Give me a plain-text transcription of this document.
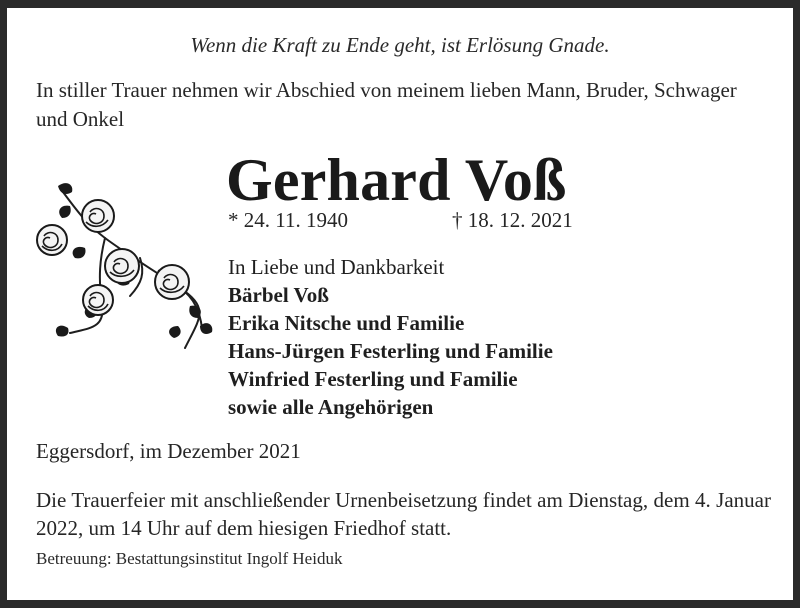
Wenn die Kraft zu Ende geht, ist Erlösung Gnade.
In stiller Trauer nehmen wir Abschied von meinem lieben Mann, Bruder, Schwager und Onkel
Gerhard Voß
* 24. 11. 1940	† 18. 12. 2021
In Liebe und Dankbarkeit
Bärbel Voß
Erika Nitsche und Familie
Hans-Jürgen Festerling und Familie
Winfried Festerling und Familie
sowie alle Angehörigen
Eggersdorf, im Dezember 2021
Die Trauerfeier mit anschließender Urnenbeisetzung findet am Dienstag, dem 4. Januar 2022, um 14 Uhr auf dem hiesigen Friedhof statt.
Betreuung: Bestattungsinstitut Ingolf Heiduk
